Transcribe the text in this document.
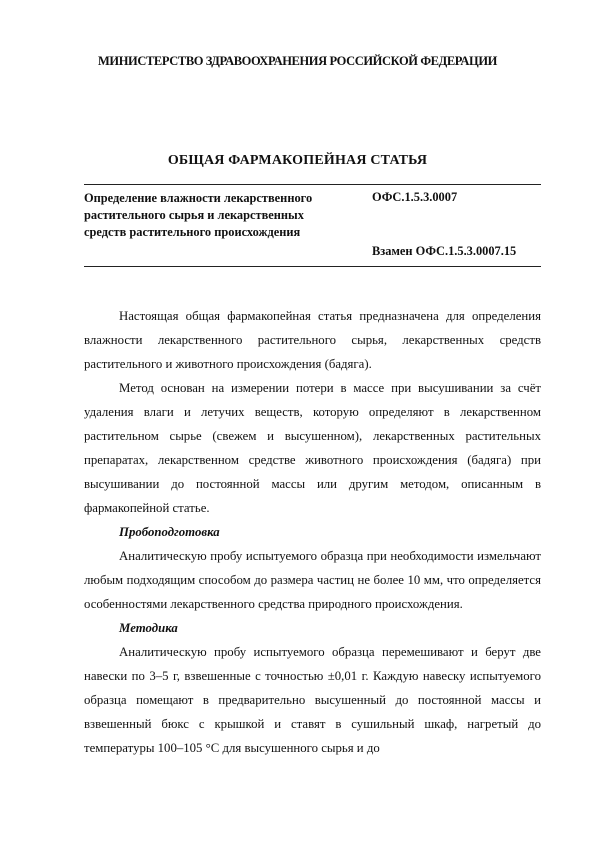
МИНИСТЕРСТВО ЗДРАВООХРАНЕНИЯ РОССИЙСКОЙ ФЕДЕРАЦИИ
ОБЩАЯ ФАРМАКОПЕЙНАЯ СТАТЬЯ
Определение влажности лекарственного растительного сырья и лекарственных средств растительного происхождения
ОФС.1.5.3.0007
Взамен ОФС.1.5.3.0007.15

Настоящая общая фармакопейная статья предназначена для определения влажности лекарственного растительного сырья, лекарственных средств растительного и животного происхождения (бадяга).

Метод основан на измерении потери в массе при высушивании за счёт удаления влаги и летучих веществ, которую определяют в лекарственном растительном сырье (свежем и высушенном), лекарственных растительных препаратах, лекарственном средстве животного происхождения (бадяга) при высушивании до постоянной массы или другим методом, описанным в фармакопейной статье.

Пробоподготовка

Аналитическую пробу испытуемого образца при необходимости измельчают любым подходящим способом до размера частиц не более 10 мм, что определяется особенностями лекарственного средства природного происхождения.

Методика

Аналитическую пробу испытуемого образца перемешивают и берут две навески по 3–5 г, взвешенные с точностью ±0,01 г. Каждую навеску испытуемого образца помещают в предварительно высушенный до постоянной массы и взвешенный бюкс с крышкой и ставят в сушильный шкаф, нагретый до температуры 100–105 °С для высушенного сырья и до
